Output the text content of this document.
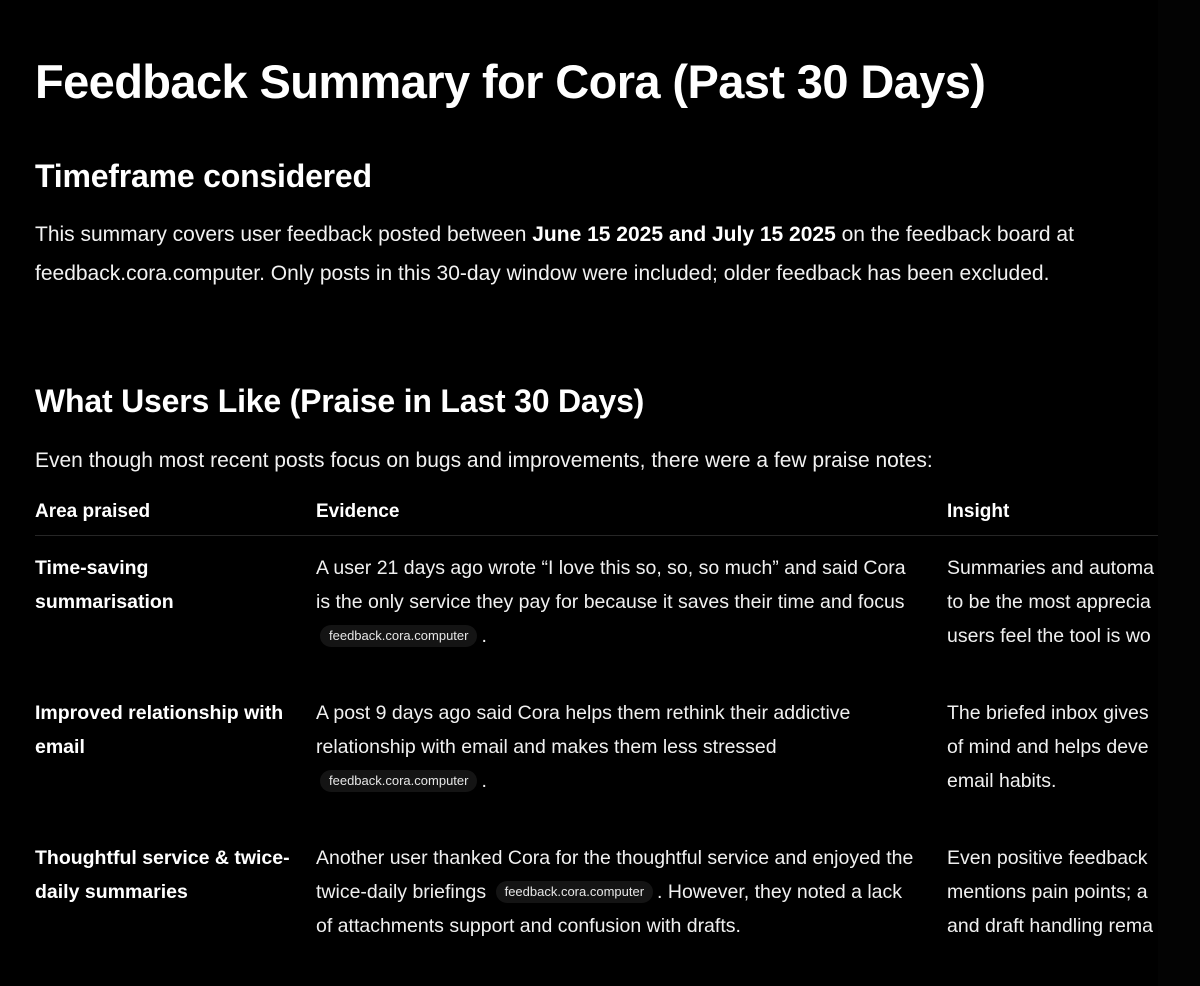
Feedback Summary for Cora (Past 30 Days)
Timeframe considered

This summary covers user feedback posted between June 15 2025 and July 15 2025 on the feedback board at feedback.cora.computer. Only posts in this 30-day window were included; older feedback has been excluded.

What Users Like (Praise in Last 30 Days)

Even though most recent posts focus on bugs and improvements, there were a few praise notes:

Area praised	Evidence	Insight
Time-saving summarisation	A user 21 days ago wrote “I love this so, so, so much” and said Cora is the only service they pay for because it saves their time and focus feedback.cora.computer .	Summaries and automa
to be the most apprecia
users feel the tool is wo
Improved relationship with email	A post 9 days ago said Cora helps them rethink their addictive relationship with email and makes them less stressed feedback.cora.computer .	The briefed inbox gives
of mind and helps deve
email habits.
Thoughtful service & twice-daily summaries	Another user thanked Cora for the thoughtful service and enjoyed the twice-daily briefings feedback.cora.computer . However, they noted a lack of attachments support and confusion with drafts.	Even positive feedback
mentions pain points; a
and draft handling rema
